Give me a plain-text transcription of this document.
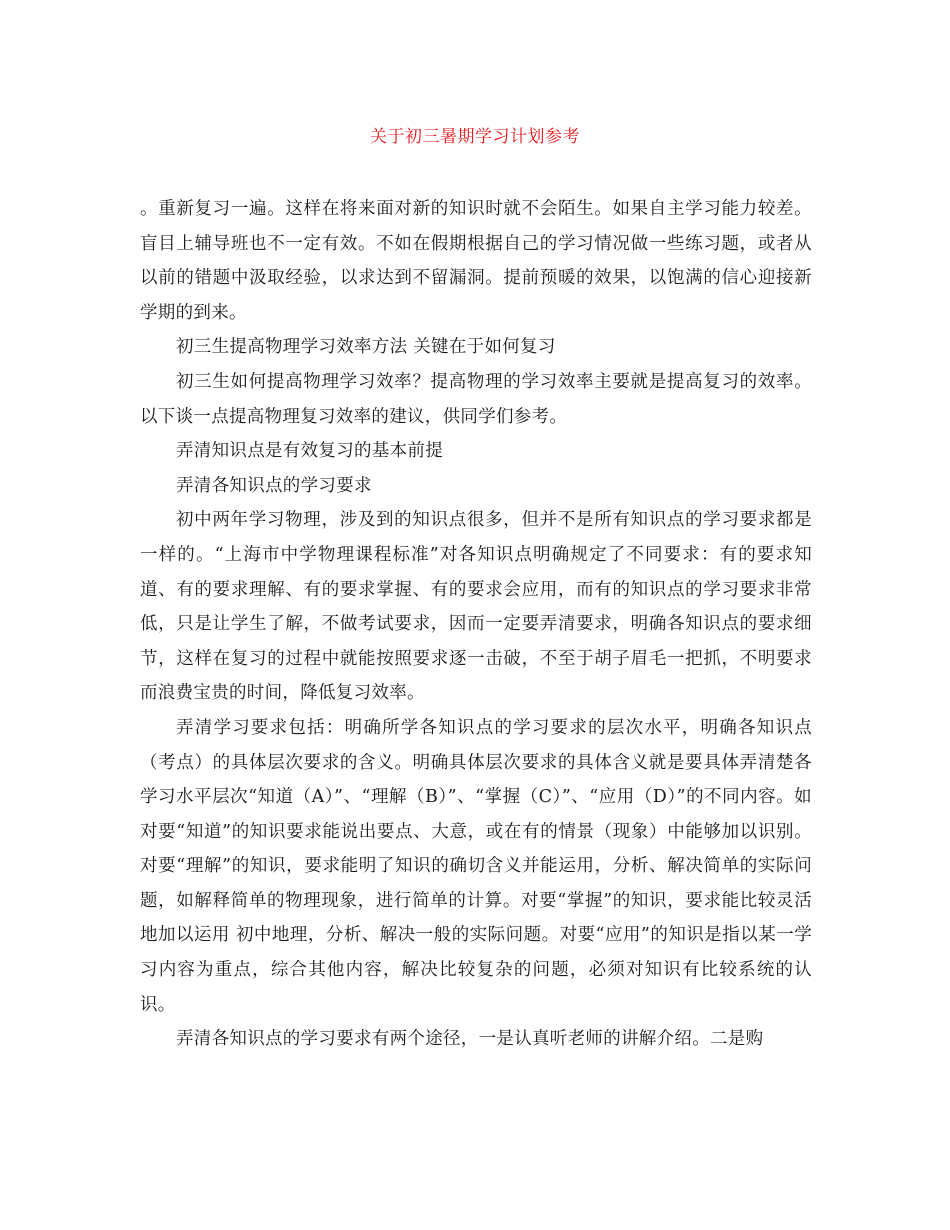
关于初三暑期学习计划参考

。重新复习一遍。这样在将来面对新的知识时就不会陌生。如果自主学习能力较差。盲目上辅导班也不一定有效。不如在假期根据自己的学习情况做一些练习题，或者从以前的错题中汲取经验，以求达到不留漏洞。提前预暖的效果，以饱满的信心迎接新学期的到来。

初三生提高物理学习效率方法 关键在于如何复习

初三生如何提高物理学习效率？提高物理的学习效率主要就是提高复习的效率。以下谈一点提高物理复习效率的建议，供同学们参考。

弄清知识点是有效复习的基本前提

弄清各知识点的学习要求

初中两年学习物理，涉及到的知识点很多，但并不是所有知识点的学习要求都是一样的。“上海市中学物理课程标准”对各知识点明确规定了不同要求：有的要求知道、有的要求理解、有的要求掌握、有的要求会应用，而有的知识点的学习要求非常低，只是让学生了解，不做考试要求，因而一定要弄清要求，明确各知识点的要求细节，这样在复习的过程中就能按照要求逐一击破，不至于胡子眉毛一把抓，不明要求而浪费宝贵的时间，降低复习效率。

弄清学习要求包括：明确所学各知识点的学习要求的层次水平，明确各知识点（考点）的具体层次要求的含义。明确具体层次要求的具体含义就是要具体弄清楚各学习水平层次“知道（A）”、“理解（B）”、“掌握（C）”、“应用（D）”的不同内容。如对要“知道”的知识要求能说出要点、大意，或在有的情景（现象）中能够加以识别。对要“理解”的知识，要求能明了知识的确切含义并能运用，分析、解决简单的实际问题，如解释简单的物理现象，进行简单的计算。对要“掌握”的知识，要求能比较灵活地加以运用 初中地理，分析、解决一般的实际问题。对要“应用”的知识是指以某一学习内容为重点，综合其他内容，解决比较复杂的问题，必须对知识有比较系统的认识。

弄清各知识点的学习要求有两个途径，一是认真听老师的讲解介绍。二是购
